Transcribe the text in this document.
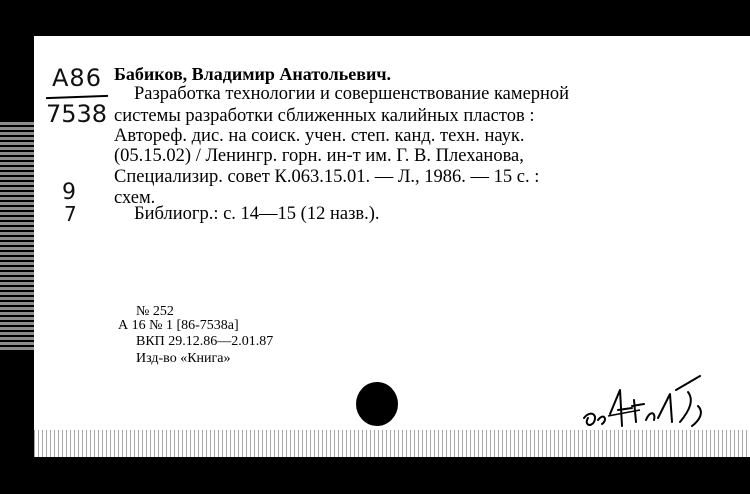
А86
7538
9
7
Бабиков, Владимир Анатольевич.
Разработка технологии и совершенствование камерной
системы разработки сближенных калийных пластов :
Автореф. дис. на соиск. учен. степ. канд. техн. наук.
(05.15.02) / Ленингр. горн. ин-т им. Г. В. Плеханова,
Специализир. совет К.063.15.01. — Л., 1986. — 15 с. :
схем.
Библиогр.: с. 14—15 (12 назв.).
№ 252
А 16 № 1 [86-7538а]
ВКП 29.12.86—2.01.87
Изд-во «Книга»
